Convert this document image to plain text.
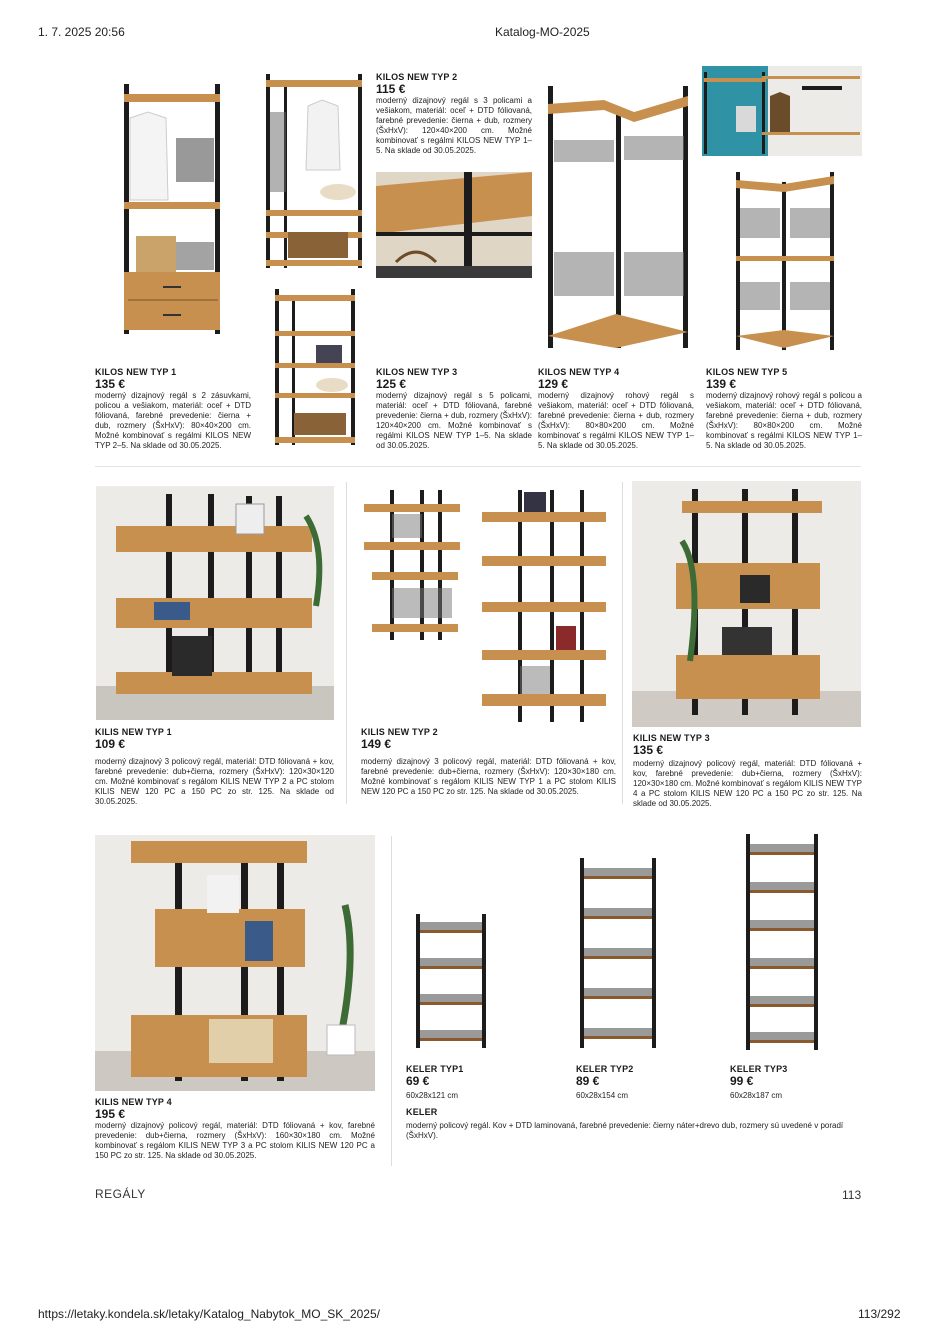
1. 7. 2025 20:56	Katalog-MO-2025
KILOS NEW TYP 2
115 €
moderný dizajnový regál s 3 policami a vešiakom, materiál: oceľ + DTD fóliovaná, farebné prevedenie: čierna + dub, rozmery (ŠxHxV): 120×40×200 cm. Možné kombinovať s regálmi KILOS NEW TYP 1–5. Na sklade od 30.05.2025.
KILOS NEW TYP 1
135 €
moderný dizajnový regál s 2 zásuvkami, policou a vešiakom, materiál: oceľ + DTD fóliovaná, farebné prevedenie: čierna + dub, rozmery (ŠxHxV): 80×40×200 cm. Možné kombinovať s regálmi KILOS NEW TYP 2–5. Na sklade od 30.05.2025.
KILOS NEW TYP 3
125 €
moderný dizajnový regál s 5 policami, materiál: oceľ + DTD fóliovaná, farebné prevedenie: čierna + dub, rozmery (ŠxHxV): 120×40×200 cm. Možné kombinovať s regálmi KILOS NEW TYP 1–5. Na sklade od 30.05.2025.
KILOS NEW TYP 4
129 €
moderný dizajnový rohový regál s vešiakom, materiál: oceľ + DTD fóliovaná, farebné prevedenie: čierna + dub, rozmery (ŠxHxV): 80×80×200 cm. Možné kombinovať s regálmi KILOS NEW TYP 1–5. Na sklade od 30.05.2025.
KILOS NEW TYP 5
139 €
moderný dizajnový rohový regál s policou a vešiakom, materiál: oceľ + DTD fóliovaná, farebné prevedenie: čierna + dub, rozmery (ŠxHxV): 80×80×200 cm. Možné kombinovať s regálmi KILOS NEW TYP 1–5. Na sklade od 30.05.2025.
KILIS NEW TYP 1
109 €
moderný dizajnový 3 policový regál, materiál: DTD fóliovaná + kov, farebné prevedenie: dub+čierna, rozmery (ŠxHxV): 120×30×120 cm. Možné kombinovať s regálom KILIS NEW TYP 2 a PC stolom KILIS NEW 120 PC a 150 PC zo str. 125. Na sklade od 30.05.2025.
KILIS NEW TYP 2
149 €
moderný dizajnový 3 policový regál, materiál: DTD fóliovaná + kov, farebné prevedenie: dub+čierna, rozmery (ŠxHxV): 120×30×180 cm. Možné kombinovať s regálom KILIS NEW TYP 1 a PC stolom KILIS NEW 120 PC a 150 PC zo str. 125. Na sklade od 30.05.2025.
KILIS NEW TYP 3
135 €
moderný dizajnový policový regál, materiál: DTD fóliovaná + kov, farebné prevedenie: dub+čierna, rozmery (ŠxHxV): 120×30×180 cm. Možné kombinovať s regálom KILIS NEW TYP 4 a PC stolom KILIS NEW 120 PC a 150 PC zo str. 125. Na sklade od 30.05.2025.
KILIS NEW TYP 4
195 €
moderný dizajnový policový regál, materiál: DTD fóliovaná + kov, farebné prevedenie: dub+čierna, rozmery (ŠxHxV): 160×30×180 cm. Možné kombinovať s regálom KILIS NEW TYP 3 a PC stolom KILIS NEW 120 PC a 150 PC zo str. 125. Na sklade od 30.05.2025.
KELER TYP1
69 €
60x28x121 cm
KELER TYP2
89 €
60x28x154 cm
KELER TYP3
99 €
60x28x187 cm
KELER
moderný policový regál. Kov + DTD laminovaná, farebné prevedenie: čierny náter+drevo dub, rozmery sú uvedené v poradí (ŠxHxV).
REGÁLY	113
https://letaky.kondela.sk/letaky/Katalog_Nabytok_MO_SK_2025/	113/292
